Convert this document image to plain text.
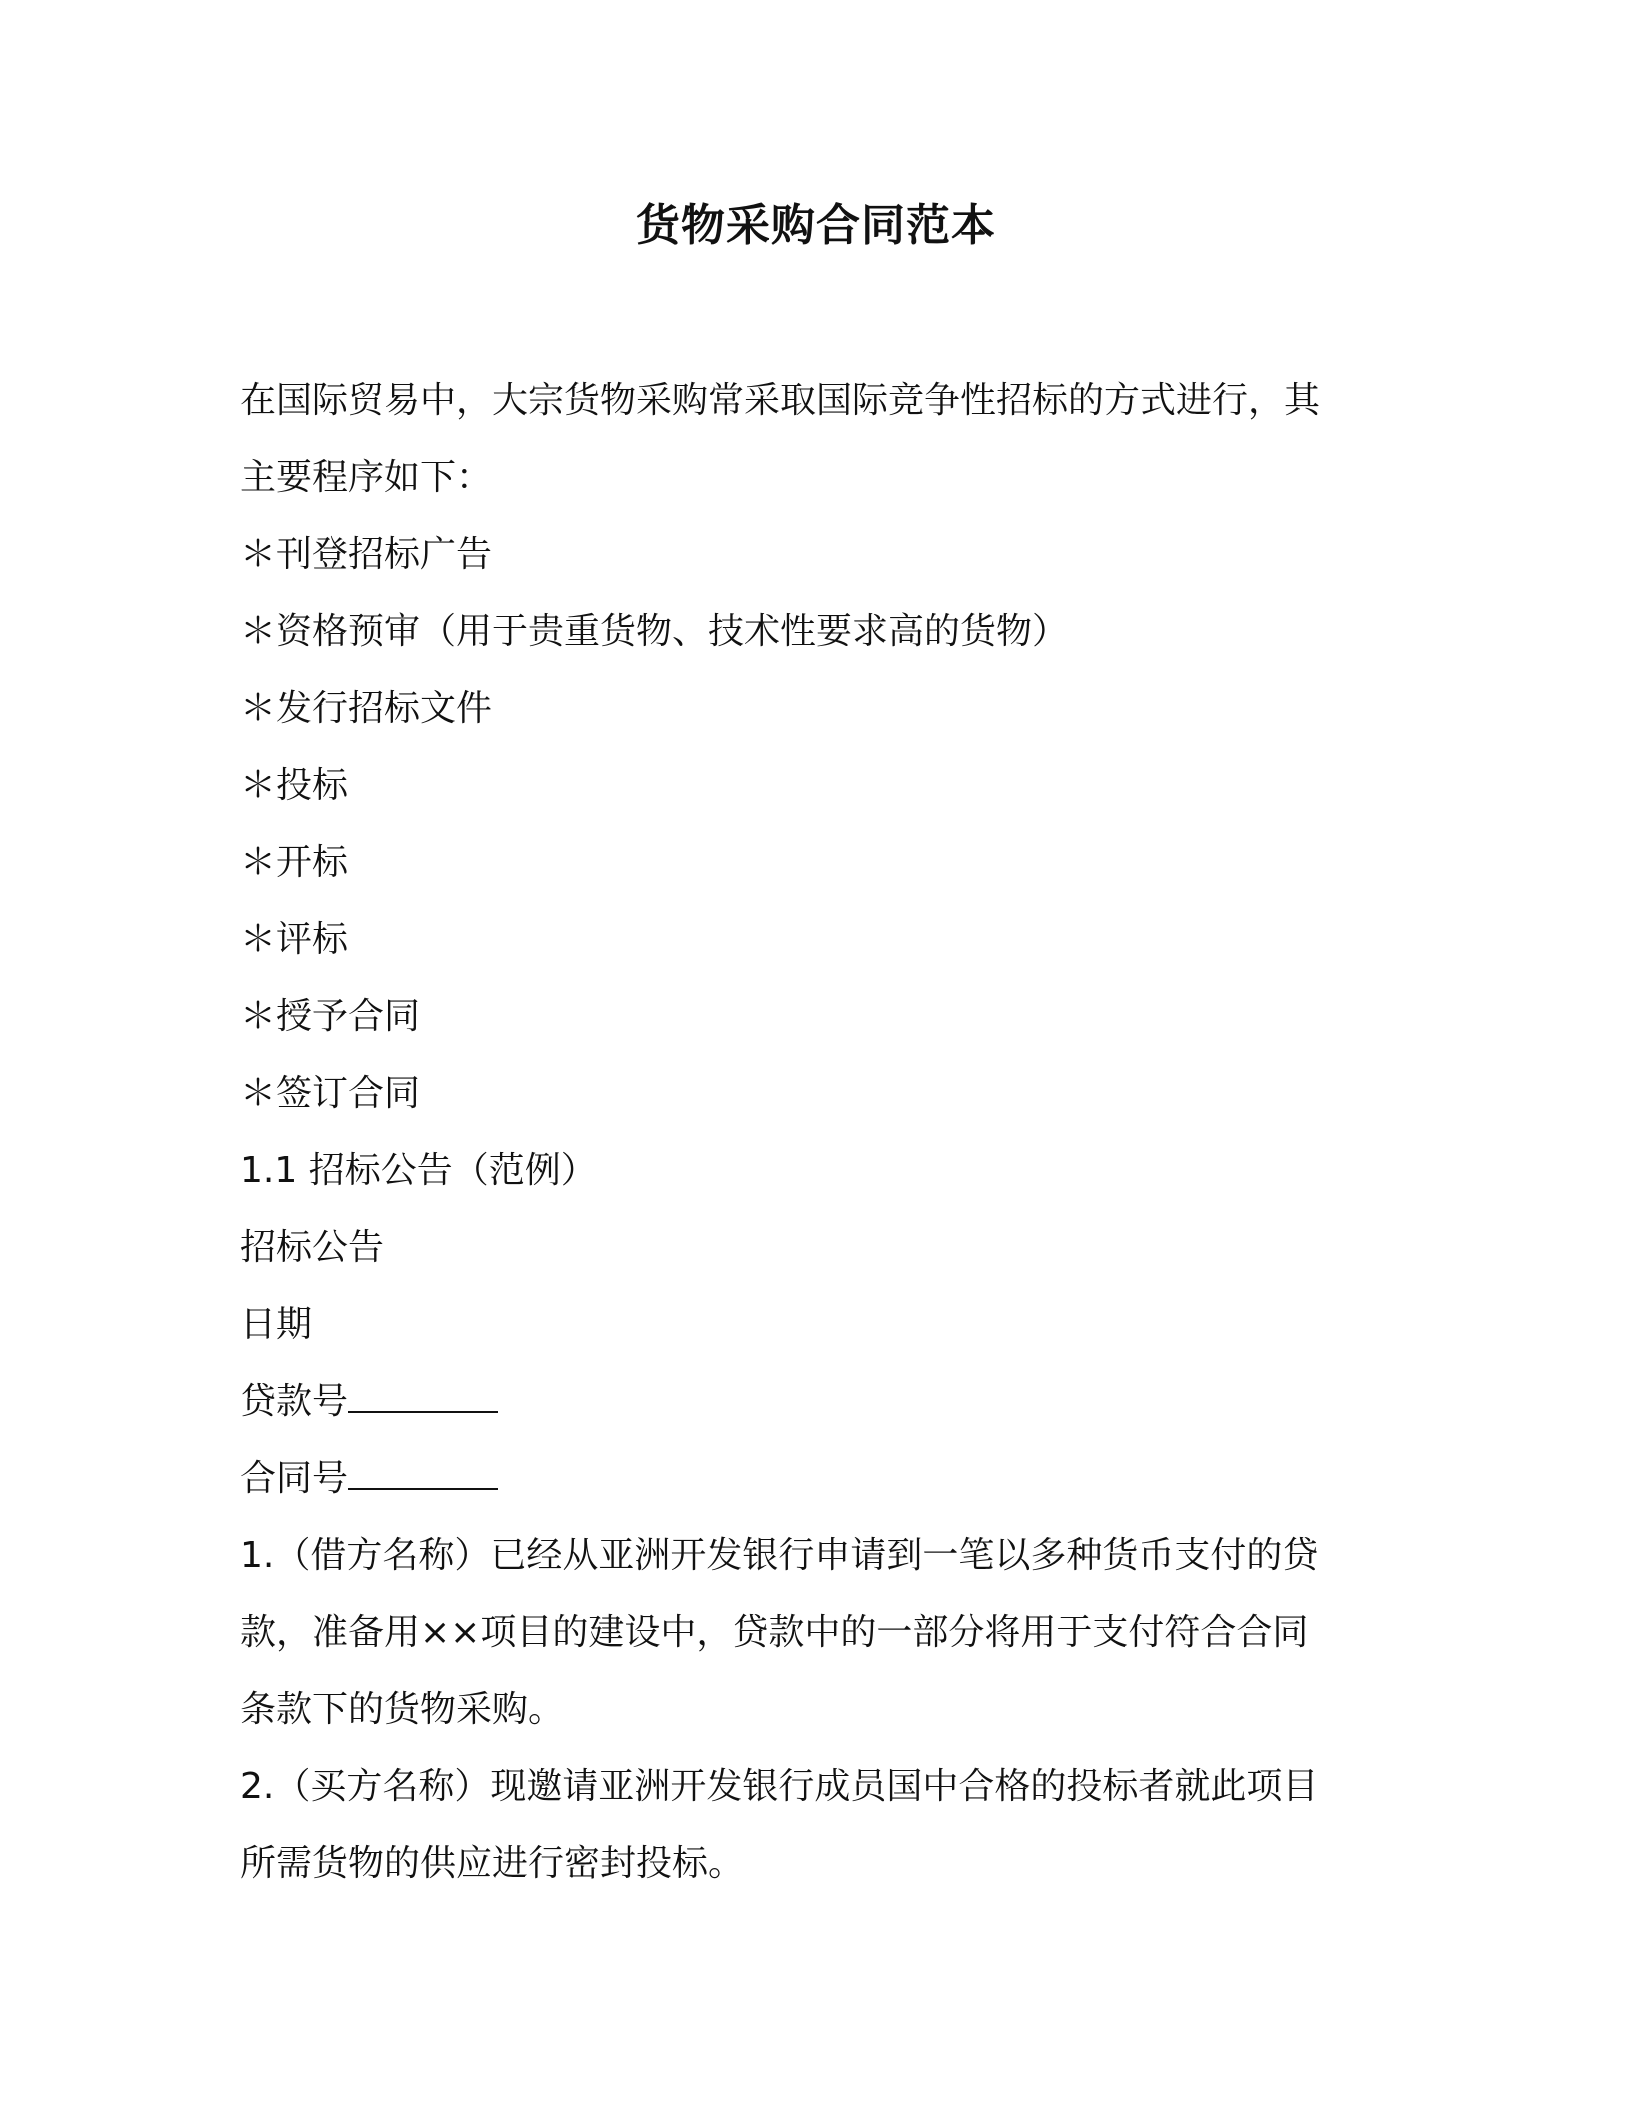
货物采购合同范本

在国际贸易中，大宗货物采购常采取国际竞争性招标的方式进行，其

主要程序如下：

＊刊登招标广告

＊资格预审（用于贵重货物、技术性要求高的货物）

＊发行招标文件

＊投标

＊开标

＊评标

＊授予合同

＊签订合同

1.1 招标公告（范例）

招标公告

日期

贷款号

合同号

1.（借方名称）已经从亚洲开发银行申请到一笔以多种货币支付的贷

款，准备用××项目的建设中，贷款中的一部分将用于支付符合合同

条款下的货物采购。

2.（买方名称）现邀请亚洲开发银行成员国中合格的投标者就此项目

所需货物的供应进行密封投标。
